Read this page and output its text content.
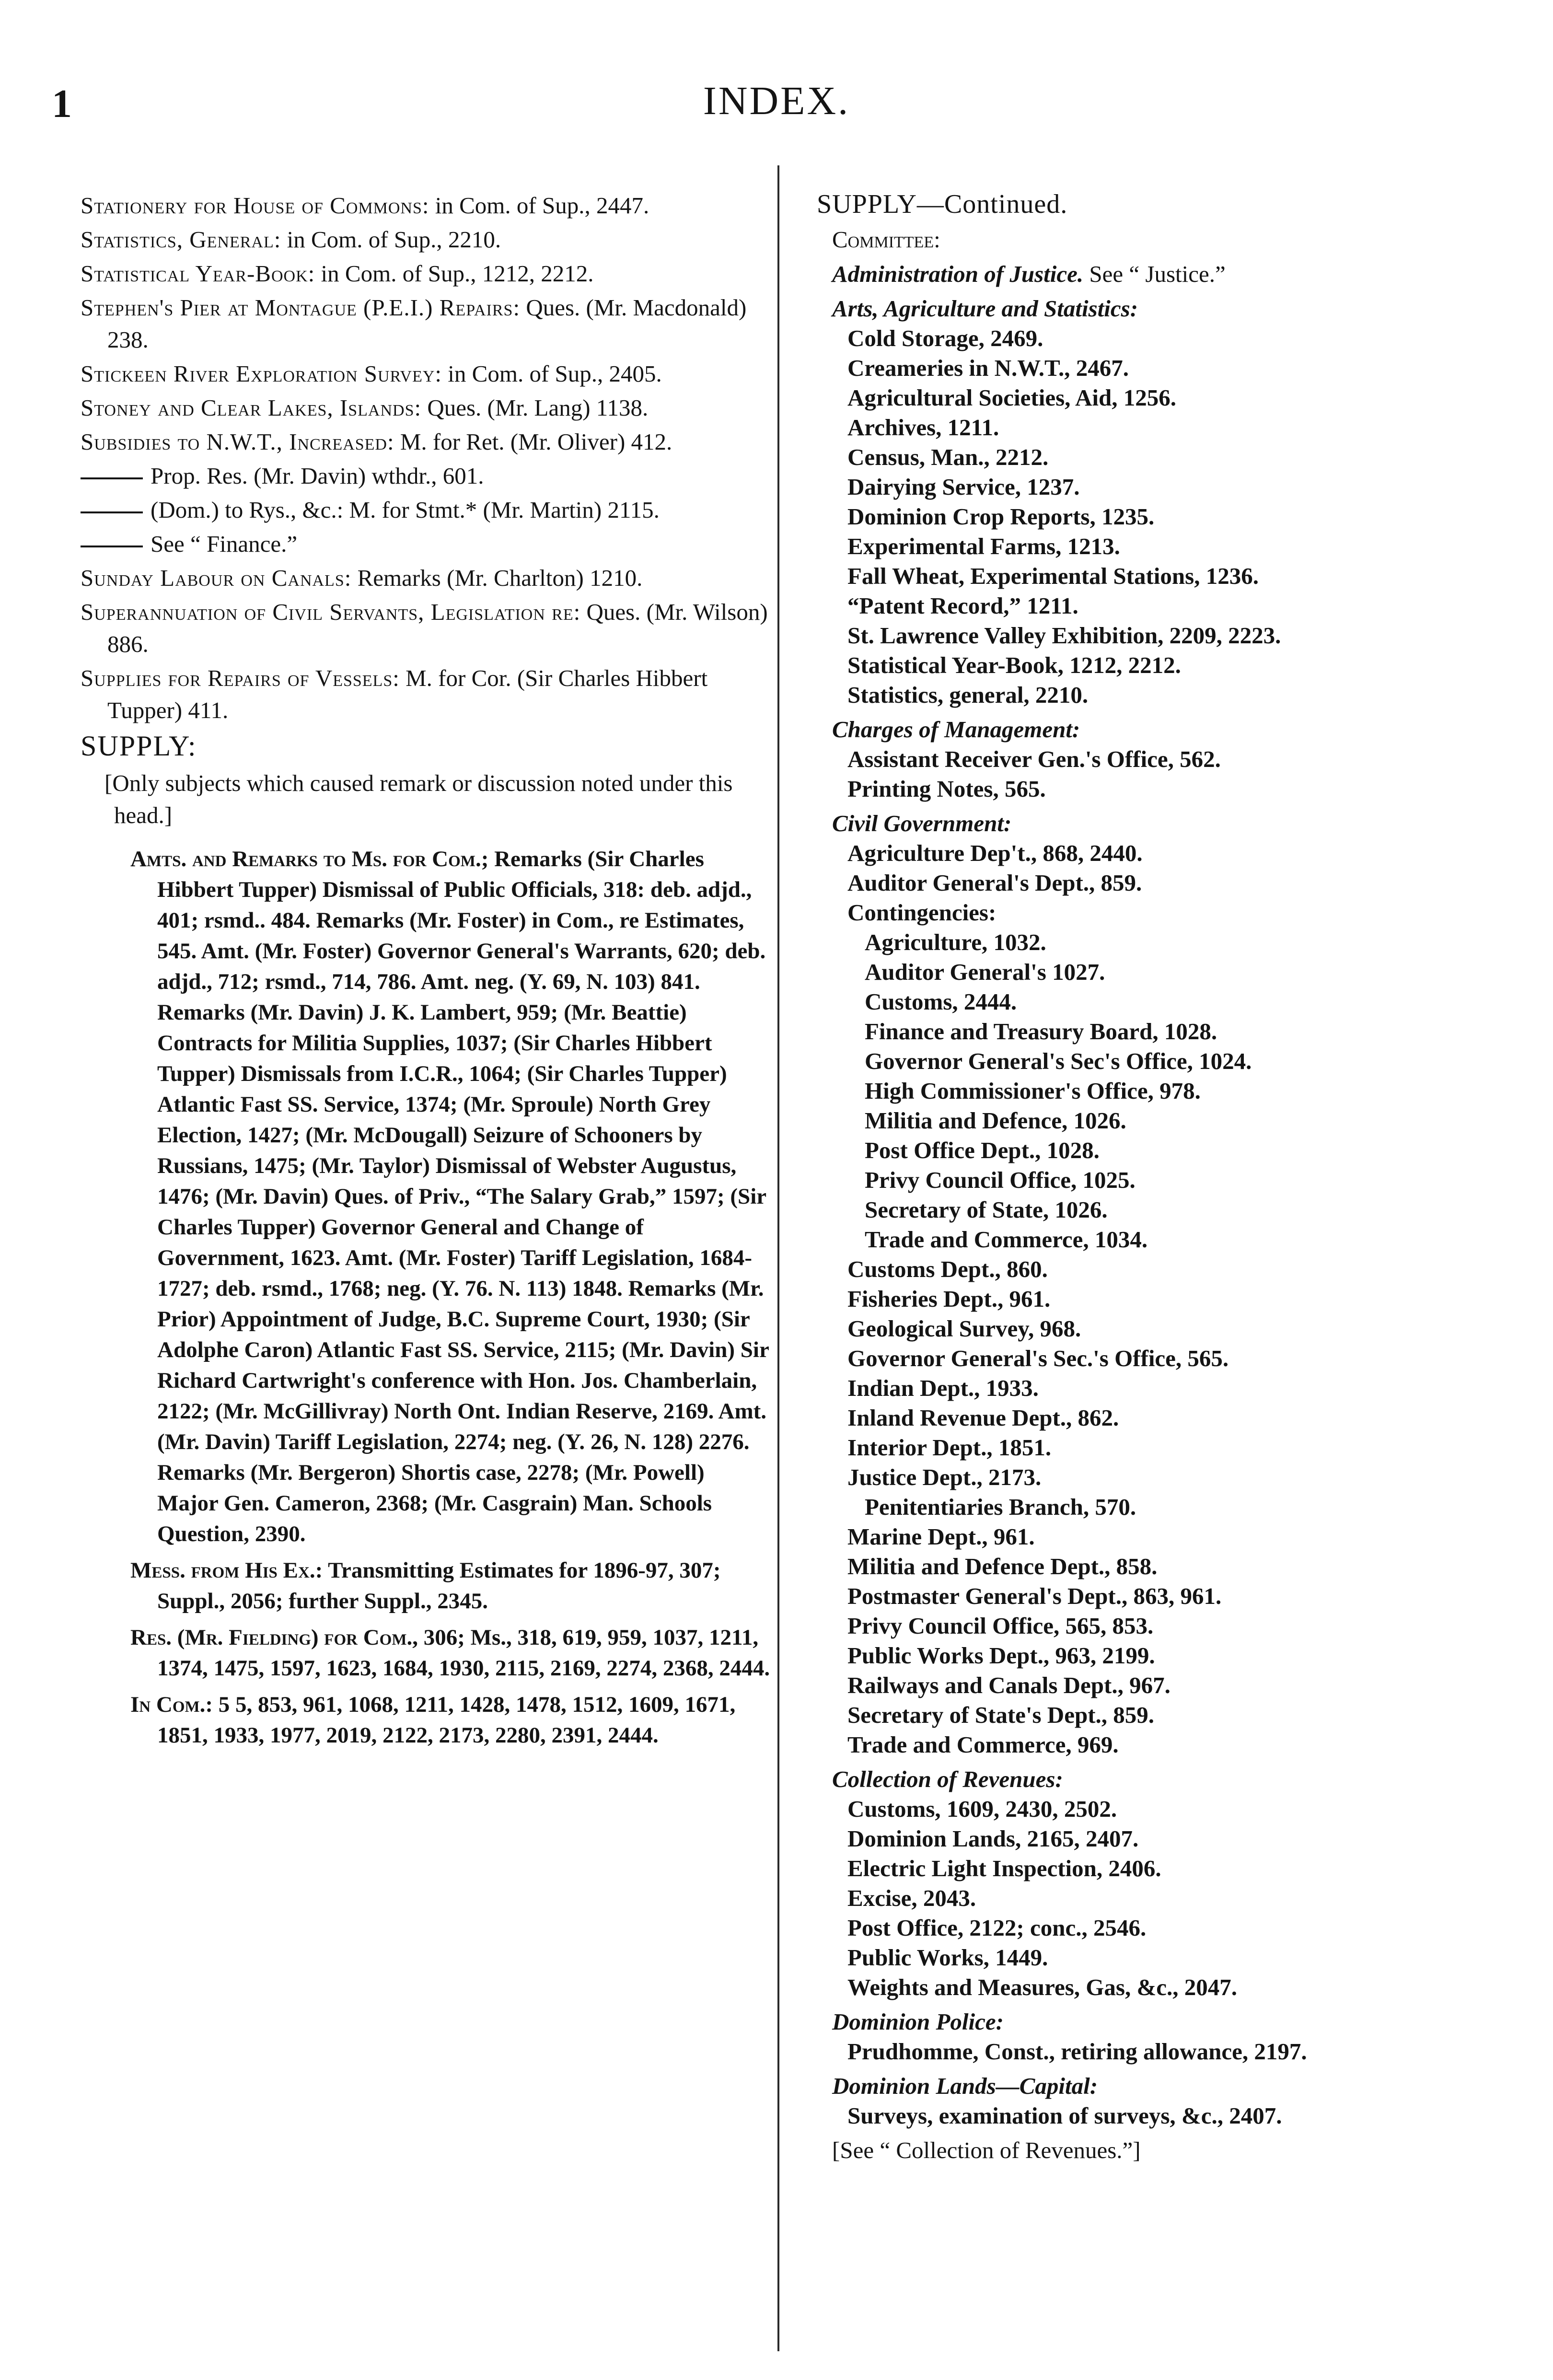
1	INDEX.
Stationery for House of Commons: in Com. of Sup., 2447.
Statistics, General: in Com. of Sup., 2210.
Statistical Year-Book: in Com. of Sup., 1212, 2212.
Stephen's Pier at Montague (P.E.I.) Repairs: Ques. (Mr. Macdonald) 238.
Stickeen River Exploration Survey: in Com. of Sup., 2405.
Stoney and Clear Lakes, Islands: Ques. (Mr. Lang) 1138.
Subsidies to N.W.T., Increased: M. for Ret. (Mr. Oliver) 412.
Prop. Res. (Mr. Davin) wthdr., 601.
(Dom.) to Rys., &c.: M. for Stmt.* (Mr. Martin) 2115.
See “ Finance.”
Sunday Labour on Canals: Remarks (Mr. Charlton) 1210.
Superannuation of Civil Servants, Legislation re: Ques. (Mr. Wilson) 886.
Supplies for Repairs of Vessels: M. for Cor. (Sir Charles Hibbert Tupper) 411.
SUPPLY:
[Only subjects which caused remark or discussion noted under this head.]
Amts. and Remarks to Ms. for Com.; Remarks (Sir Charles Hibbert Tupper) Dismissal of Public Officials, 318: deb. adjd., 401; rsmd.. 484. Remarks (Mr. Foster) in Com., re Estimates, 545. Amt. (Mr. Foster) Governor General's Warrants, 620; deb. adjd., 712; rsmd., 714, 786. Amt. neg. (Y. 69, N. 103) 841. Remarks (Mr. Davin) J. K. Lambert, 959; (Mr. Beattie) Contracts for Militia Supplies, 1037; (Sir Charles Hibbert Tupper) Dismissals from I.C.R., 1064; (Sir Charles Tupper) Atlantic Fast SS. Service, 1374; (Mr. Sproule) North Grey Election, 1427; (Mr. McDougall) Seizure of Schooners by Russians, 1475; (Mr. Taylor) Dismissal of Webster Augustus, 1476; (Mr. Davin) Ques. of Priv., “The Salary Grab,” 1597; (Sir Charles Tupper) Governor General and Change of Government, 1623. Amt. (Mr. Foster) Tariff Legislation, 1684-1727; deb. rsmd., 1768; neg. (Y. 76. N. 113) 1848. Remarks (Mr. Prior) Appointment of Judge, B.C. Supreme Court, 1930; (Sir Adolphe Caron) Atlantic Fast SS. Service, 2115; (Mr. Davin) Sir Richard Cartwright's conference with Hon. Jos. Chamberlain, 2122; (Mr. McGillivray) North Ont. Indian Reserve, 2169. Amt. (Mr. Davin) Tariff Legislation, 2274; neg. (Y. 26, N. 128) 2276. Remarks (Mr. Bergeron) Shortis case, 2278; (Mr. Powell) Major Gen. Cameron, 2368; (Mr. Casgrain) Man. Schools Question, 2390.
Mess. from His Ex.: Transmitting Estimates for 1896-97, 307; Suppl., 2056; further Suppl., 2345.
Res. (Mr. Fielding) for Com., 306; Ms., 318, 619, 959, 1037, 1211, 1374, 1475, 1597, 1623, 1684, 1930, 2115, 2169, 2274, 2368, 2444.
In Com.: 5 5, 853, 961, 1068, 1211, 1428, 1478, 1512, 1609, 1671, 1851, 1933, 1977, 2019, 2122, 2173, 2280, 2391, 2444.
SUPPLY—Continued.
Committee:
Administration of Justice. See “ Justice.”
Arts, Agriculture and Statistics:
Cold Storage, 2469.
Creameries in N.W.T., 2467.
Agricultural Societies, Aid, 1256.
Archives, 1211.
Census, Man., 2212.
Dairying Service, 1237.
Dominion Crop Reports, 1235.
Experimental Farms, 1213.
Fall Wheat, Experimental Stations, 1236.
“Patent Record,” 1211.
St. Lawrence Valley Exhibition, 2209, 2223.
Statistical Year-Book, 1212, 2212.
Statistics, general, 2210.
Charges of Management:
Assistant Receiver Gen.'s Office, 562.
Printing Notes, 565.
Civil Government:
Agriculture Dep't., 868, 2440.
Auditor General's Dept., 859.
Contingencies:
Agriculture, 1032.
Auditor General's 1027.
Customs, 2444.
Finance and Treasury Board, 1028.
Governor General's Sec's Office, 1024.
High Commissioner's Office, 978.
Militia and Defence, 1026.
Post Office Dept., 1028.
Privy Council Office, 1025.
Secretary of State, 1026.
Trade and Commerce, 1034.
Customs Dept., 860.
Fisheries Dept., 961.
Geological Survey, 968.
Governor General's Sec.'s Office, 565.
Indian Dept., 1933.
Inland Revenue Dept., 862.
Interior Dept., 1851.
Justice Dept., 2173.
Penitentiaries Branch, 570.
Marine Dept., 961.
Militia and Defence Dept., 858.
Postmaster General's Dept., 863, 961.
Privy Council Office, 565, 853.
Public Works Dept., 963, 2199.
Railways and Canals Dept., 967.
Secretary of State's Dept., 859.
Trade and Commerce, 969.
Collection of Revenues:
Customs, 1609, 2430, 2502.
Dominion Lands, 2165, 2407.
Electric Light Inspection, 2406.
Excise, 2043.
Post Office, 2122; conc., 2546.
Public Works, 1449.
Weights and Measures, Gas, &c., 2047.
Dominion Police:
Prudhomme, Const., retiring allowance, 2197.
Dominion Lands—Capital:
Surveys, examination of surveys, &c., 2407.
[See “ Collection of Revenues.”]
